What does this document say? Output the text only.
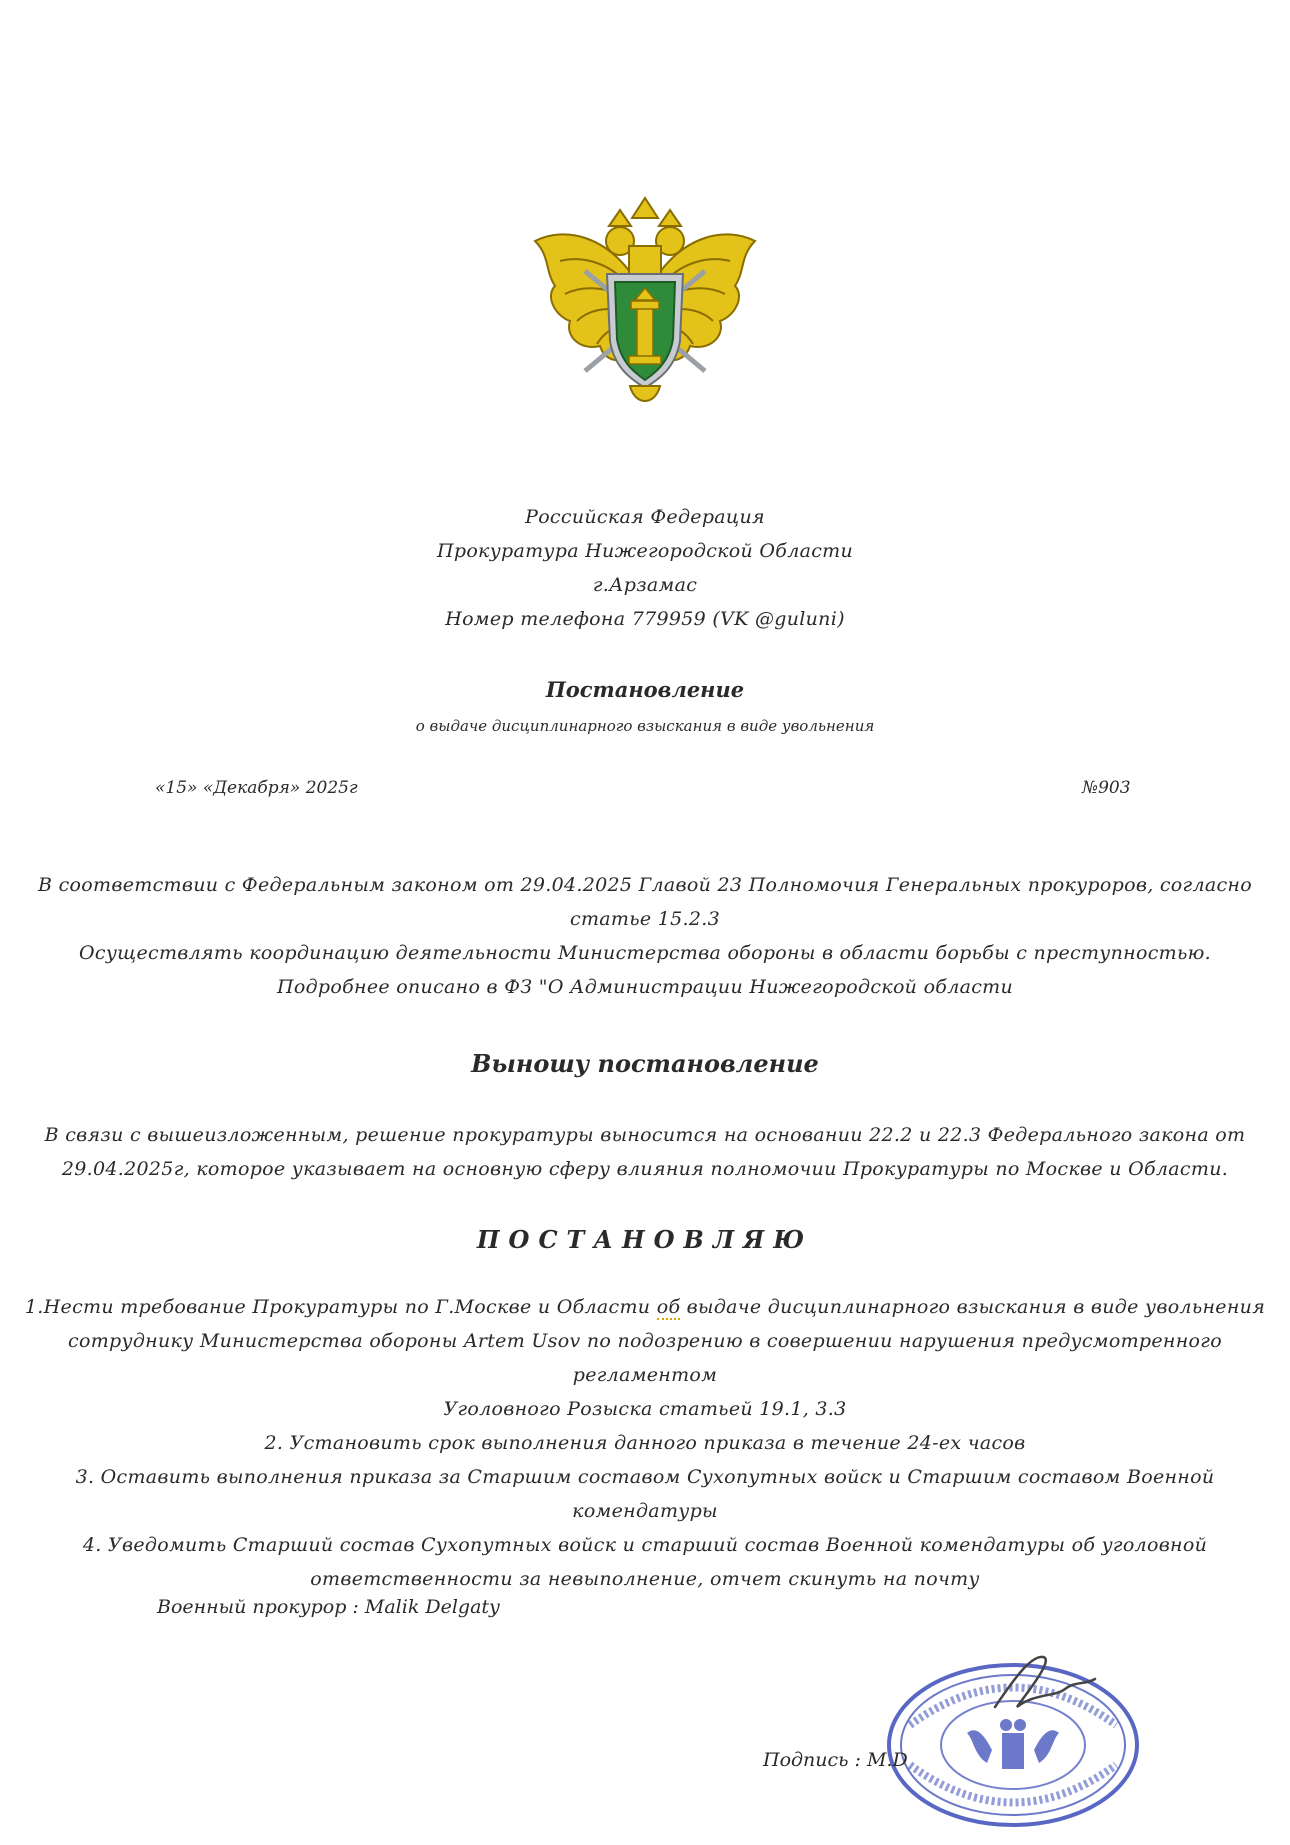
Российская Федерация
Прокуратура Нижегородской Области
г.Арзамас
Номер телефона 779959 (VK @guluni)
Постановление
о выдаче дисциплинарного взыскания в виде увольнения
«15» «Декабря» 2025г	№903
В соответствии с Федеральным законом от 29.04.2025 Главой 23 Полномочия Генеральных прокуроров, согласно
статье 15.2.3
Осуществлять координацию деятельности Министерства обороны в области борьбы с преступностью.
Подробнее описано в ФЗ "О Администрации Нижегородской области
Выношу постановление
В связи с вышеизложенным, решение прокуратуры выносится на основании 22.2 и 22.3 Федерального закона от
29.04.2025г, которое указывает на основную сферу влияния полномочии Прокуратуры по Москве и Области.
ПОСТАНОВЛЯЮ
1.Нести требование Прокуратуры по Г.Москве и Области об выдаче дисциплинарного взыскания в виде увольнения
сотруднику Министерства обороны Artem Usov по подозрению в совершении нарушения предусмотренного регламентом
Уголовного Розыска статьей 19.1, 3.3
2. Установить срок выполнения данного приказа в течение 24-ех часов
3. Оставить выполнения приказа за Старшим составом Сухопутных войск и Старшим составом Военной
комендатуры
4. Уведомить Старший состав Сухопутных войск и старший состав Военной комендатуры об уголовной
ответственности за невыполнение, отчет скинуть на почту
Военный прокурор : Malik Delgaty
Подпись : M.D
